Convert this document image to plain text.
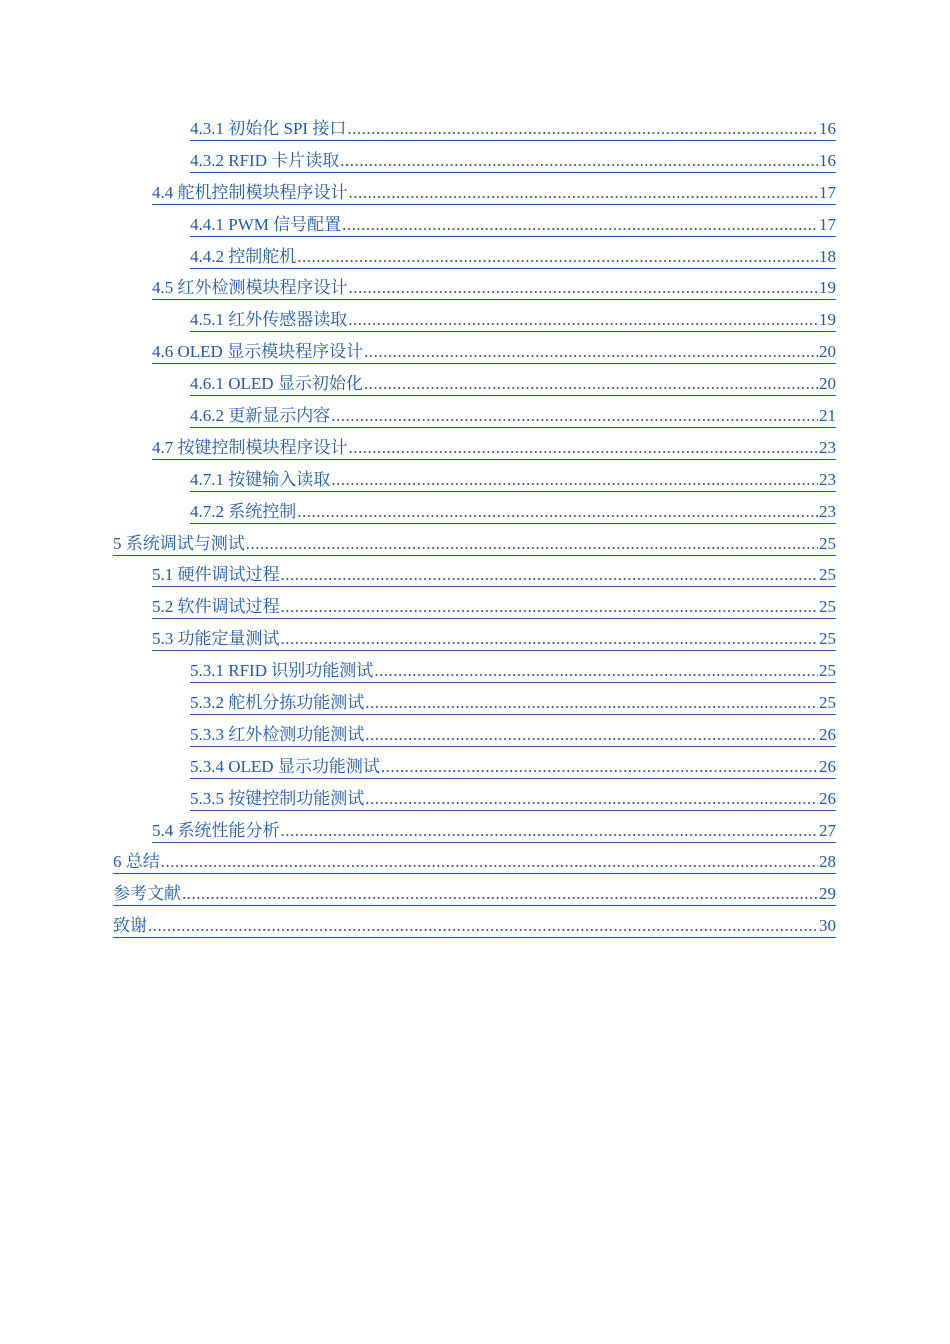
4.3.1 初始化 SPI 接口 .....	16
4.3.2 RFID 卡片读取 .....	16
4.4 舵机控制模块程序设计 .....	17
4.4.1 PWM 信号配置 .....	17
4.4.2 控制舵机 .....	18
4.5 红外检测模块程序设计 .....	19
4.5.1 红外传感器读取 .....	19
4.6 OLED 显示模块程序设计 .....	20
4.6.1 OLED 显示初始化 .....	20
4.6.2 更新显示内容 .....	21
4.7 按键控制模块程序设计 .....	23
4.7.1 按键输入读取 .....	23
4.7.2 系统控制 .....	23
5 系统调试与测试 .....	25
5.1 硬件调试过程 .....	25
5.2 软件调试过程 .....	25
5.3 功能定量测试 .....	25
5.3.1 RFID 识别功能测试 .....	25
5.3.2 舵机分拣功能测试 .....	25
5.3.3 红外检测功能测试 .....	26
5.3.4 OLED 显示功能测试 .....	26
5.3.5 按键控制功能测试 .....	26
5.4 系统性能分析 .....	27
6 总结 .....	28
参考文献 .....	29
致谢 .....	30
